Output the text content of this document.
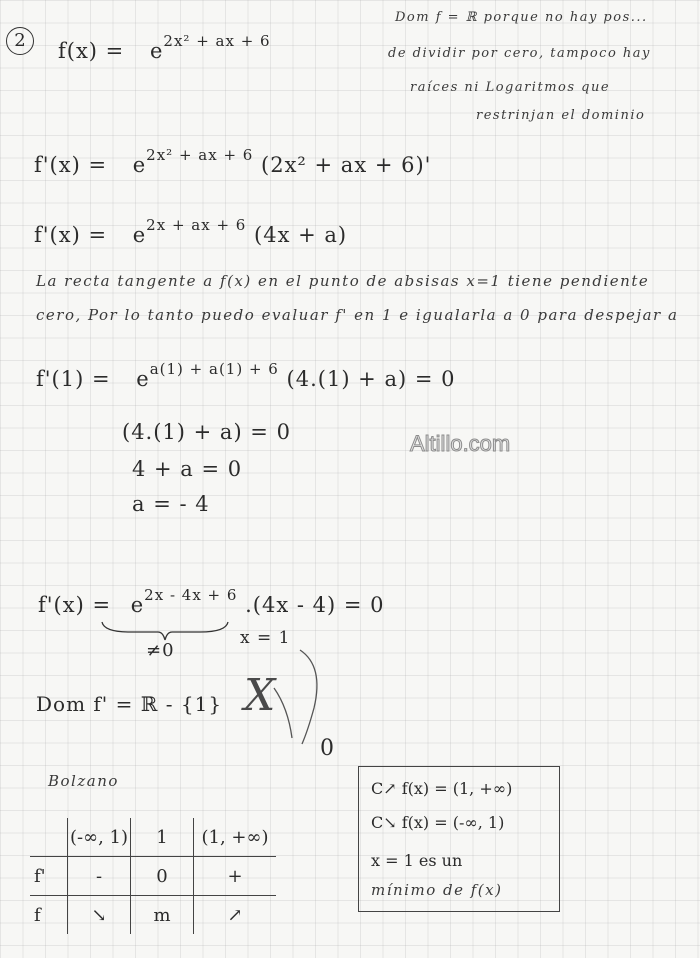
2	$f(x) = e^{2x^2 + ax + 6}$
Dom f = ℝ porque no hay pos...
de dividir por cero, tampoco hay
raíces ni Logaritmos que
restrinjan el dominio
$f'(x) = e^{2x^2 + ax + 6}$ (2x² + ax + 6)'
$f'(x) = e^{2x + ax + 6}$ (4x + a)
La recta tangente a f(x) en el punto de absisas x=1 tiene pendiente
cero, Por lo tanto puedo evaluar f' en 1 e igualarla a 0 para despejar a
$f'(1) = e^{a(1) + a(1) + 6}$ (4.(1) + a) = 0
(4.(1) + a) = 0
4 + a = 0
a = - 4
Altillo.com
$f'(x) = e^{2x - 4x + 6}$ .(4x - 4) = 0
≠0
x = 1
Dom f' = ℝ - {1} X
0
Bolzano	C↗ f(x) = (1, +∞)
C↘ f(x) = (-∞, 1)
x = 1 es un
mínimo de f(x)
	(-∞, 1)	1	(1, +∞)
f'	-	0	+
f	↘	m	↗
